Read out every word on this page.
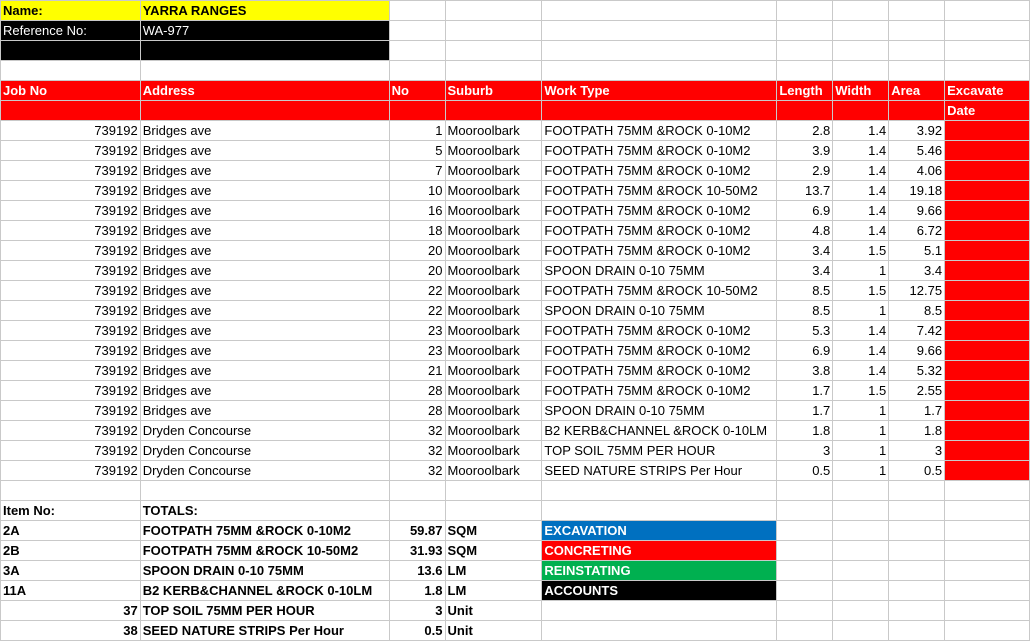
Name:	YARRA RANGES							
Reference No:	WA-977							

Job No	Address	No	Suburb	Work Type	Length	Width	Area	Excavate
								Date
739192	Bridges ave	1	Mooroolbark	FOOTPATH 75MM &ROCK 0-10M2	2.8	1.4	3.92	
739192	Bridges ave	5	Mooroolbark	FOOTPATH 75MM &ROCK 0-10M2	3.9	1.4	5.46	
739192	Bridges ave	7	Mooroolbark	FOOTPATH 75MM &ROCK 0-10M2	2.9	1.4	4.06	
739192	Bridges ave	10	Mooroolbark	FOOTPATH 75MM &ROCK 10-50M2	13.7	1.4	19.18	
739192	Bridges ave	16	Mooroolbark	FOOTPATH 75MM &ROCK 0-10M2	6.9	1.4	9.66	
739192	Bridges ave	18	Mooroolbark	FOOTPATH 75MM &ROCK 0-10M2	4.8	1.4	6.72	
739192	Bridges ave	20	Mooroolbark	FOOTPATH 75MM &ROCK 0-10M2	3.4	1.5	5.1	
739192	Bridges ave	20	Mooroolbark	SPOON DRAIN 0-10 75MM	3.4	1	3.4	
739192	Bridges ave	22	Mooroolbark	FOOTPATH 75MM &ROCK 10-50M2	8.5	1.5	12.75	
739192	Bridges ave	22	Mooroolbark	SPOON DRAIN 0-10 75MM	8.5	1	8.5	
739192	Bridges ave	23	Mooroolbark	FOOTPATH 75MM &ROCK 0-10M2	5.3	1.4	7.42	
739192	Bridges ave	23	Mooroolbark	FOOTPATH 75MM &ROCK 0-10M2	6.9	1.4	9.66	
739192	Bridges ave	21	Mooroolbark	FOOTPATH 75MM &ROCK 0-10M2	3.8	1.4	5.32	
739192	Bridges ave	28	Mooroolbark	FOOTPATH 75MM &ROCK 0-10M2	1.7	1.5	2.55	
739192	Bridges ave	28	Mooroolbark	SPOON DRAIN 0-10 75MM	1.7	1	1.7	
739192	Dryden Concourse	32	Mooroolbark	B2 KERB&CHANNEL &ROCK 0-10LM	1.8	1	1.8	
739192	Dryden Concourse	32	Mooroolbark	TOP SOIL 75MM PER HOUR	3	1	3	
739192	Dryden Concourse	32	Mooroolbark	SEED NATURE STRIPS Per Hour	0.5	1	0.5	

Item No:	TOTALS:							
2A	FOOTPATH 75MM &ROCK 0-10M2	59.87	SQM	EXCAVATION				
2B	FOOTPATH 75MM &ROCK 10-50M2	31.93	SQM	CONCRETING				
3A	SPOON DRAIN 0-10 75MM	13.6	LM	REINSTATING				
11A	B2 KERB&CHANNEL &ROCK 0-10LM	1.8	LM	ACCOUNTS				
37	TOP SOIL 75MM PER HOUR	3	Unit					
38	SEED NATURE STRIPS Per Hour	0.5	Unit					
